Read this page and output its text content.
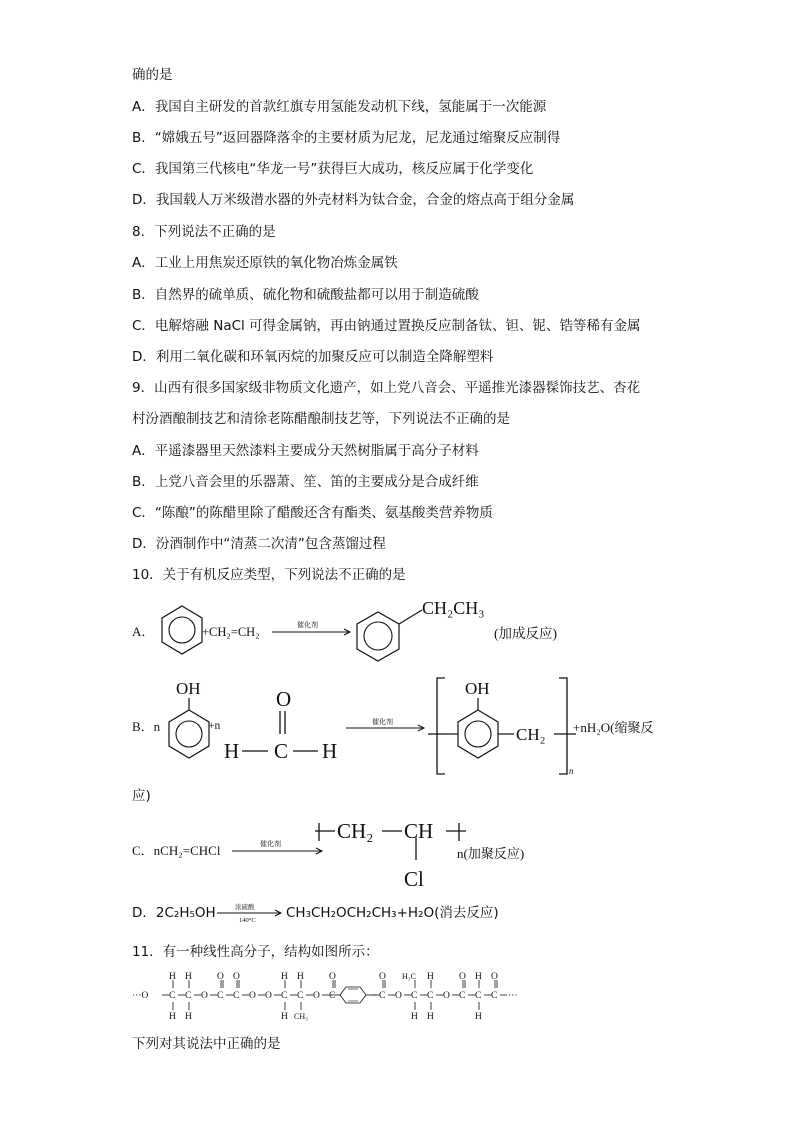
确的是
A．我国自主研发的首款红旗专用氢能发动机下线，氢能属于一次能源
B．“嫦娥五号”返回器降落伞的主要材质为尼龙，尼龙通过缩聚反应制得
C．我国第三代核电“华龙一号”获得巨大成功，核反应属于化学变化
D．我国载人万米级潜水器的外壳材料为钛合金，合金的熔点高于组分金属
8．下列说法不正确的是
A．工业上用焦炭还原铁的氧化物冶炼金属铁
B．自然界的硫单质、硫化物和硫酸盐都可以用于制造硫酸
C．电解熔融 NaCl 可得金属钠，再由钠通过置换反应制备钛、钽、铌、锆等稀有金属
D．利用二氧化碳和环氧丙烷的加聚反应可以制造全降解塑料
9．山西有很多国家级非物质文化遗产，如上党八音会、平遥推光漆器髹饰技艺、杏花
村汾酒酿制技艺和清徐老陈醋酿制技艺等，下列说法不正确的是
A．平遥漆器里天然漆料主要成分天然树脂属于高分子材料
B．上党八音会里的乐器萧、笙、笛的主要成分是合成纤维
C．“陈酿”的陈醋里除了醋酸还含有酯类、氨基酸类营养物质
D．汾酒制作中“清蒸二次清”包含蒸馏过程
10．关于有机反应类型，下列说法不正确的是
A．	+CH₂=CH₂	催化剂
CH₂CH₃
(加成反应)
B．n
OH
+n
O
H C H
催化剂
OH
CH₂
n
+nH₂O(缩聚反
应)
C．nCH₂=CHCl	催化剂
CH₂ CH
Cl
n(加聚反应)
D．2C₂H₅OH	浓硫酸
140°C CH₃CH₂OCH₂CH₃+H₂O(消去反应)
11．有一种线性高分子，结构如图所示：
···O C C O C C O	C
O	C O C	C O C C O C C C ···
H H	O O	H H	O	O H₃C H	O H O
H H	H CH₃	H H	H
下列对其说法中正确的是
